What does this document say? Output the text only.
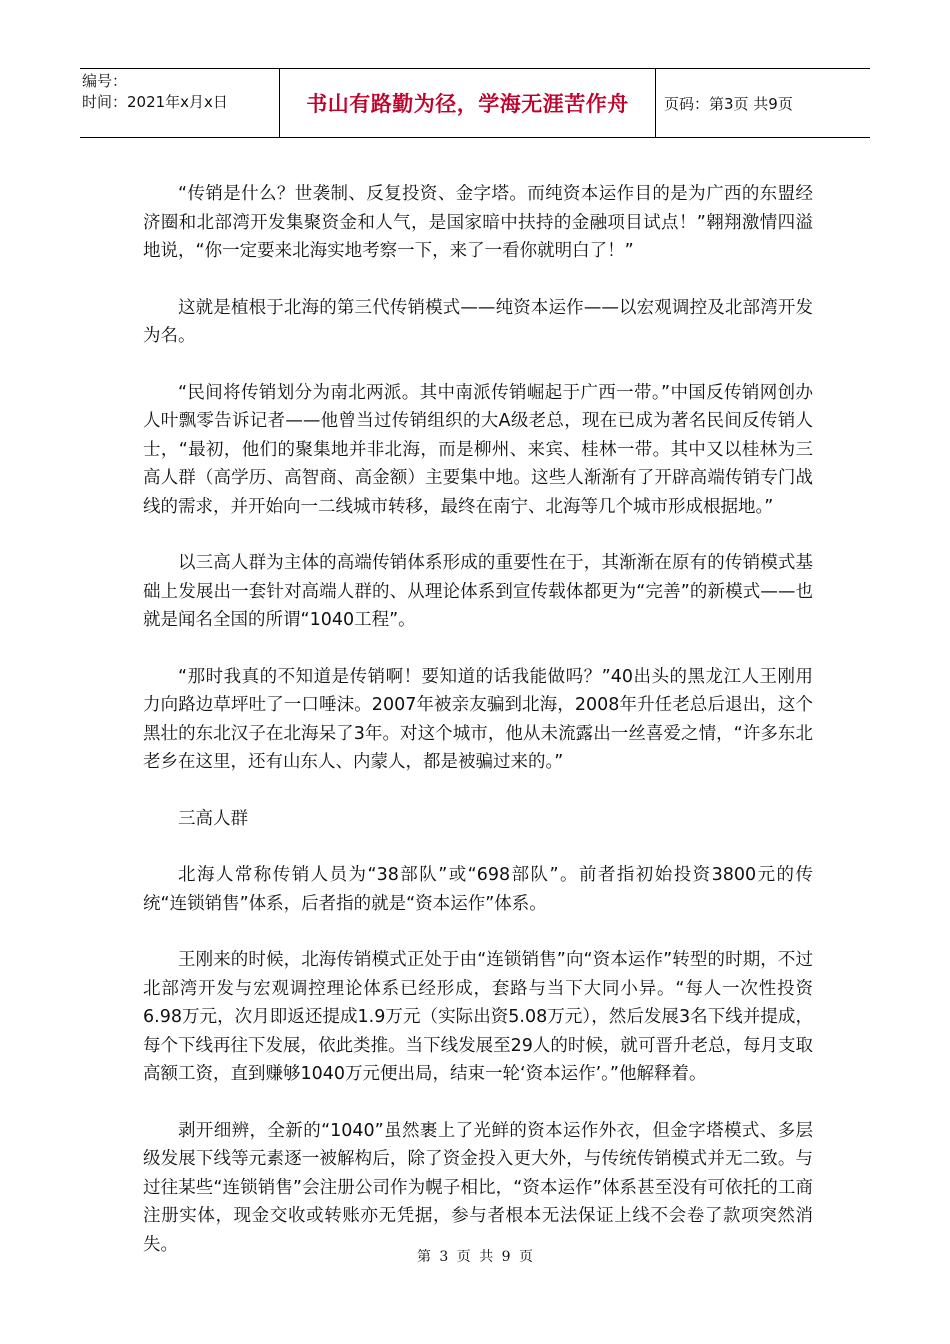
编号：
时间：2021年x月x日	书山有路勤为径，学海无涯苦作舟	页码：第3页 共9页

“传销是什么？世袭制、反复投资、金字塔。而纯资本运作目的是为广西的东盟经济圈和北部湾开发集聚资金和人气，是国家暗中扶持的金融项目试点！”翱翔激情四溢地说，“你一定要来北海实地考察一下，来了一看你就明白了！”

这就是植根于北海的第三代传销模式——纯资本运作——以宏观调控及北部湾开发为名。

“民间将传销划分为南北两派。其中南派传销崛起于广西一带。”中国反传销网创办人叶飘零告诉记者——他曾当过传销组织的大A级老总，现在已成为著名民间反传销人士，“最初，他们的聚集地并非北海，而是柳州、来宾、桂林一带。其中又以桂林为三高人群（高学历、高智商、高金额）主要集中地。这些人渐渐有了开辟高端传销专门战线的需求，并开始向一二线城市转移，最终在南宁、北海等几个城市形成根据地。”

以三高人群为主体的高端传销体系形成的重要性在于，其渐渐在原有的传销模式基础上发展出一套针对高端人群的、从理论体系到宣传载体都更为“完善”的新模式——也就是闻名全国的所谓“1040工程”。

“那时我真的不知道是传销啊！要知道的话我能做吗？”40出头的黑龙江人王刚用力向路边草坪吐了一口唾沫。2007年被亲友骗到北海，2008年升任老总后退出，这个黑壮的东北汉子在北海呆了3年。对这个城市，他从未流露出一丝喜爱之情，“许多东北老乡在这里，还有山东人、内蒙人，都是被骗过来的。”

三高人群

北海人常称传销人员为“38部队”或“698部队”。前者指初始投资3800元的传统“连锁销售”体系，后者指的就是“资本运作”体系。

王刚来的时候，北海传销模式正处于由“连锁销售”向“资本运作”转型的时期，不过北部湾开发与宏观调控理论体系已经形成，套路与当下大同小异。“每人一次性投资6.98万元，次月即返还提成1.9万元（实际出资5.08万元），然后发展3名下线并提成，每个下线再往下发展，依此类推。当下线发展至29人的时候，就可晋升老总，每月支取高额工资，直到赚够1040万元便出局，结束一轮‘资本运作’。”他解释着。

剥开细辨，全新的“1040”虽然裹上了光鲜的资本运作外衣，但金字塔模式、多层级发展下线等元素逐一被解构后，除了资金投入更大外，与传统传销模式并无二致。与过往某些“连锁销售”会注册公司作为幌子相比，“资本运作”体系甚至没有可依托的工商注册实体，现金交收或转账亦无凭据，参与者根本无法保证上线不会卷了款项突然消失。

第 3 页 共 9 页
